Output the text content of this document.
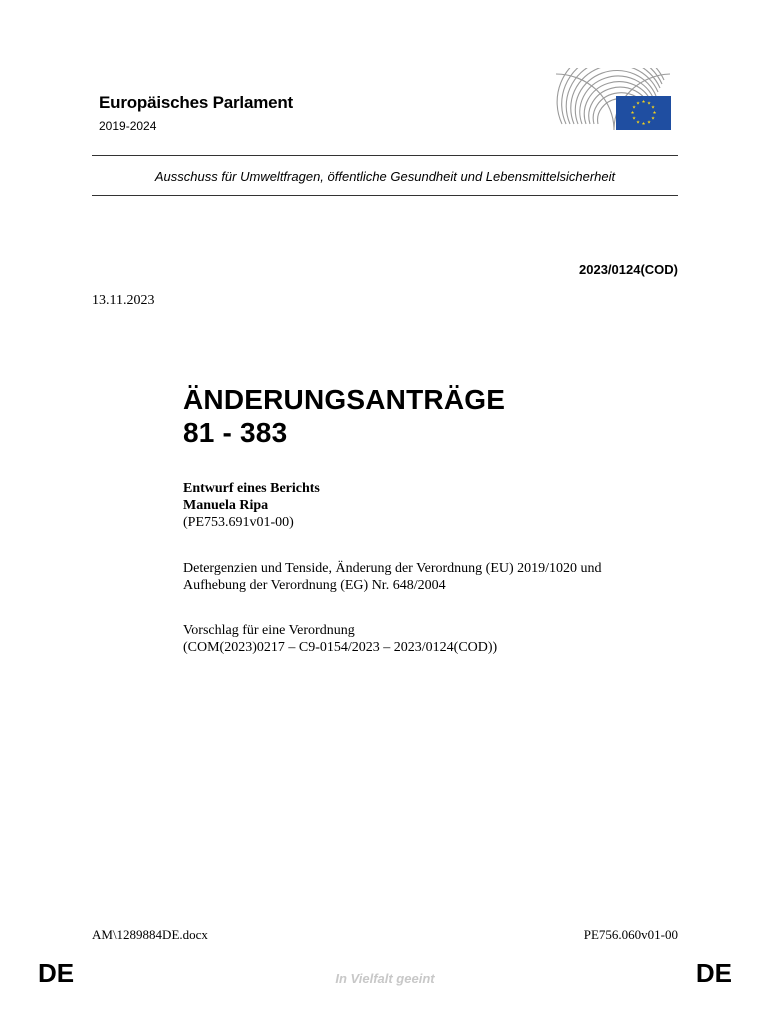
Europäisches Parlament
2019-2024
★ ★
★
★
★
★
★
★
★
★
★
★
Ausschuss für Umweltfragen, öffentliche Gesundheit und Lebensmittelsicherheit
2023/0124(COD)
13.11.2023
ÄNDERUNGSANTRÄGE
81 - 383
Entwurf eines Berichts
Manuela Ripa
(PE753.691v01-00)
Detergenzien und Tenside, Änderung der Verordnung (EU) 2019/1020 und
Aufhebung der Verordnung (EG) Nr. 648/2004
Vorschlag für eine Verordnung
(COM(2023)0217 – C9-0154/2023 – 2023/0124(COD))
AM\1289884DE.docx	PE756.060v01-00
DE	In Vielfalt geeint	DE
